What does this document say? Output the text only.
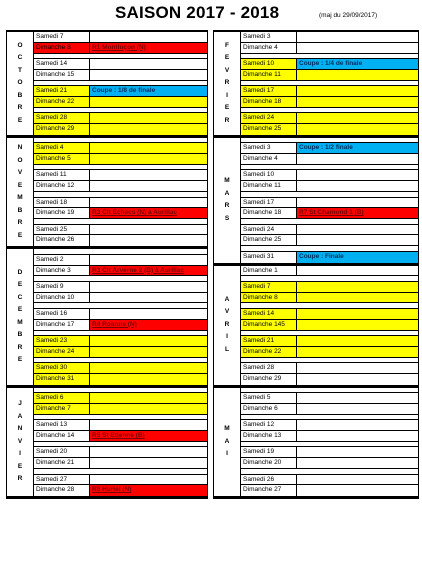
SAISON 2017 - 2018	(maj du 29/09/2017)
O
C
T
O
B
R
E
Samedi 7
Dimanche 8	R1 Montluçon (N)
Samedi 14
Dimanche 15
Samedi 21	Coupe : 1/8 de finale
Dimanche 22
Samedi 28
Dimanche 29
N
O
V
E
M
B
R
E
Samedi 4
Dimanche 5
Samedi 11
Dimanche 12
Samedi 18
Dimanche 19	R3 Clt Echecs (N) à Aurillac
Samedi 25
Dimanche 26
D
E
C
E
M
B
R
E
Samedi 2
Dimanche 3	R3 Clt Arverne 2 (B) à Aurillac
Samedi 9
Dimanche 10
Samedi 16
Dimanche 17	R4 Roanne (N)
Samedi 23
Dimanche 24
Samedi 30
Dimanche 31
J
A
N
V
I
E
R
Samedi 6
Dimanche 7
Samedi 13
Dimanche 14	R5 St Etienne (B)
Samedi 20
Dimanche 21
Samedi 27
Dimanche 28	R6 Huriel (N)
F
E
V
R
I
E
R
Samedi 3
Dimanche 4
Samedi 10	Coupe : 1/4 de finale
Dimanche 11
Samedi 17
Dimanche 18
Samedi 24
Dimanche 25
M
A
R
S
Samedi 3	Coupe : 1/2 finale
Dimanche 4
Samedi 10
Dimanche 11
Samedi 17
Dimanche 18	R7 St Chamond 1 (B)
Samedi 24
Dimanche 25
Samedi 31	Coupe : Finale
A
V
R
I
L
Dimanche 1
Samedi 7
Dimanche 8
Samedi 14
Dimanche 145
Samedi 21
Dimanche 22
Samedi 28
Dimanche 29
M
A
I
Samedi 5
Dimanche 6
Samedi 12
Dimanche 13
Samedi 19
Dimanche 20
Samedi 26
Dimanche 27
